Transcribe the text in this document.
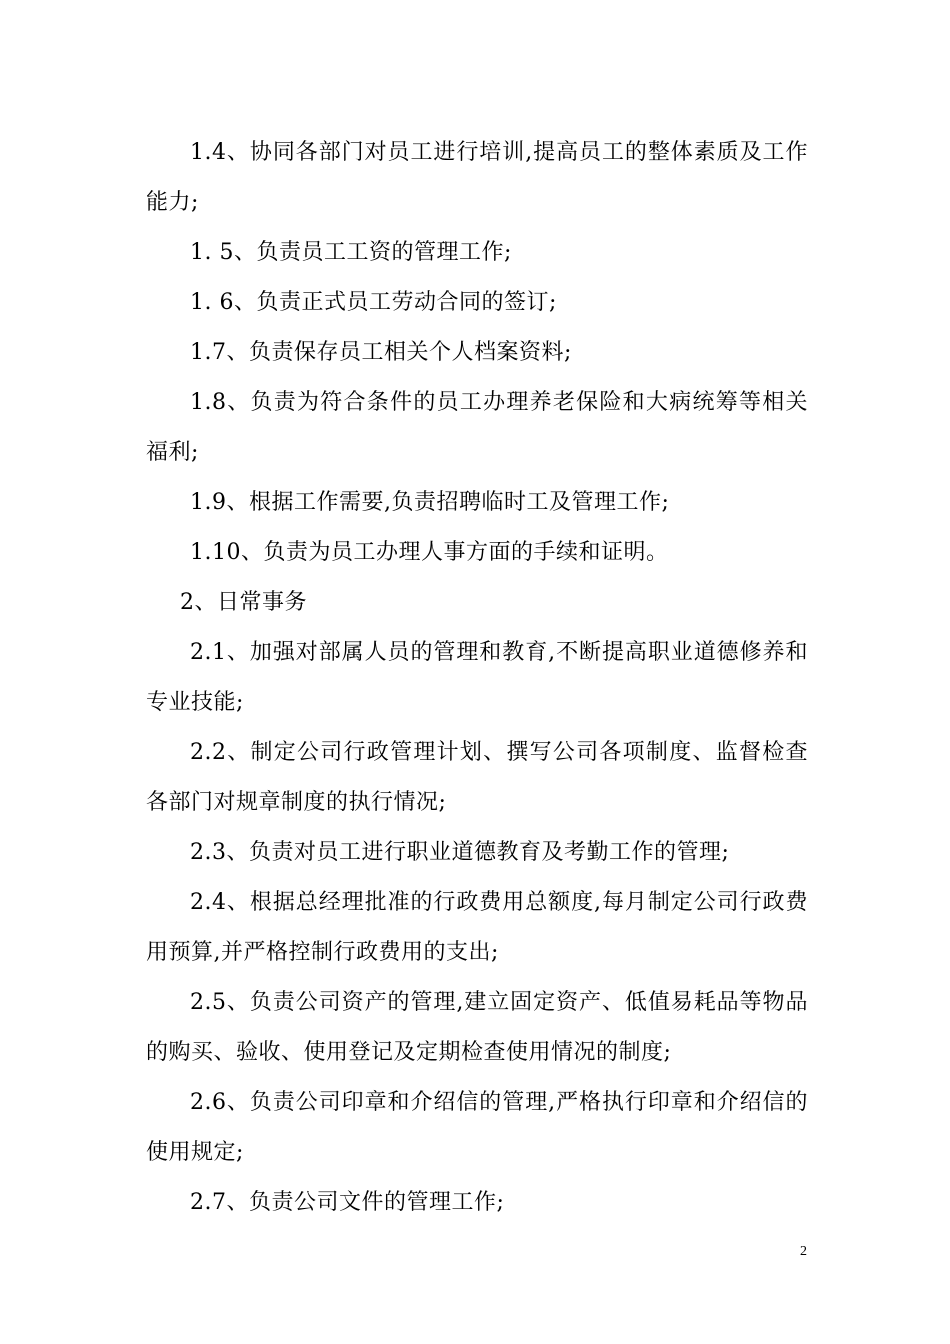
1.4、协同各部门对员工进行培训,提高员工的整体素质及工作能力;

1. 5、负责员工工资的管理工作;

1. 6、负责正式员工劳动合同的签订;

1.7、负责保存员工相关个人档案资料;

1.8、负责为符合条件的员工办理养老保险和大病统筹等相关福利;

1.9、根据工作需要,负责招聘临时工及管理工作;

1.10、负责为员工办理人事方面的手续和证明。

2、日常事务

2.1、加强对部属人员的管理和教育,不断提高职业道德修养和专业技能;

2.2、制定公司行政管理计划、撰写公司各项制度、监督检查各部门对规章制度的执行情况;

2.3、负责对员工进行职业道德教育及考勤工作的管理;

2.4、根据总经理批准的行政费用总额度,每月制定公司行政费用预算,并严格控制行政费用的支出;

2.5、负责公司资产的管理,建立固定资产、低值易耗品等物品的购买、验收、使用登记及定期检查使用情况的制度;

2.6、负责公司印章和介绍信的管理,严格执行印章和介绍信的使用规定;

2.7、负责公司文件的管理工作;

2
